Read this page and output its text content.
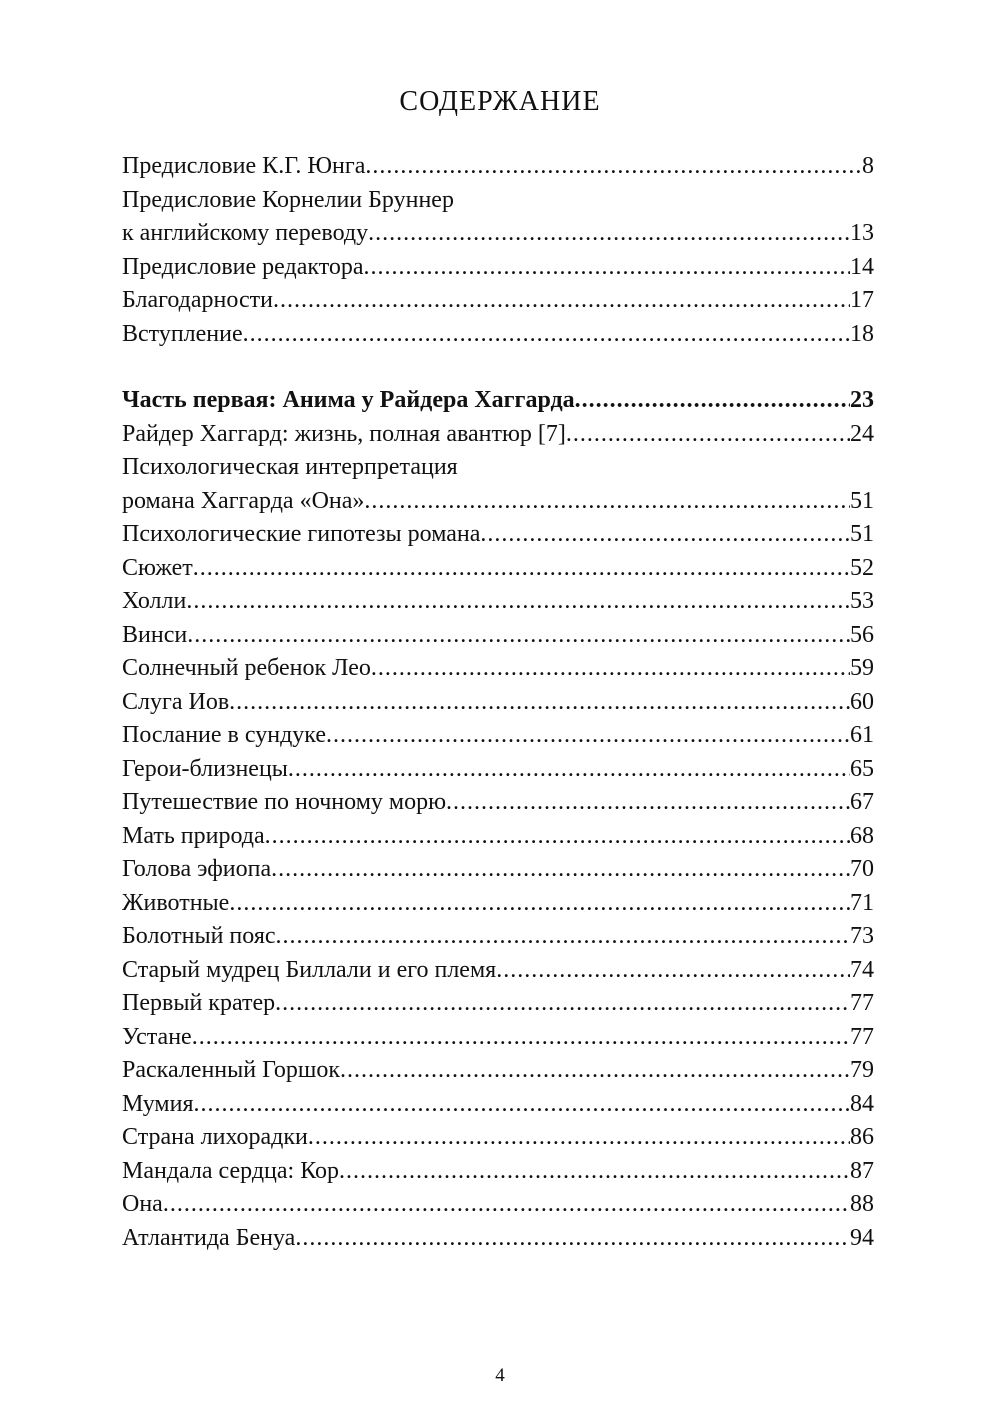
СОДЕРЖАНИЕ
Предисловие К.Г. Юнга .....	8
Предисловие Корнелии Бруннер
к английскому переводу .....	13
Предисловие редактора .....	14
Благодарности .....	17
Вступление .....	18
Часть первая: Анима у Райдера Хаггарда .....	23
Райдер Хаггард: жизнь, полная авантюр [7] .....	24
Психологическая интерпретация
романа Хаггарда «Она» .....	51
Психологические гипотезы романа .....	51
Сюжет .....	52
Холли .....	53
Винси .....	56
Солнечный ребенок Лео .....	59
Слуга Иов .....	60
Послание в сундуке .....	61
Герои-близнецы .....	65
Путешествие по ночному морю .....	67
Мать природа .....	68
Голова эфиопа .....	70
Животные .....	71
Болотный пояс .....	73
Старый мудрец Биллали и его племя .....	74
Первый кратер .....	77
Устане .....	77
Раскаленный Горшок .....	79
Мумия .....	84
Страна лихорадки .....	86
Мандала сердца: Кор .....	87
Она .....	88
Атлантида Бенуа .....	94
4
